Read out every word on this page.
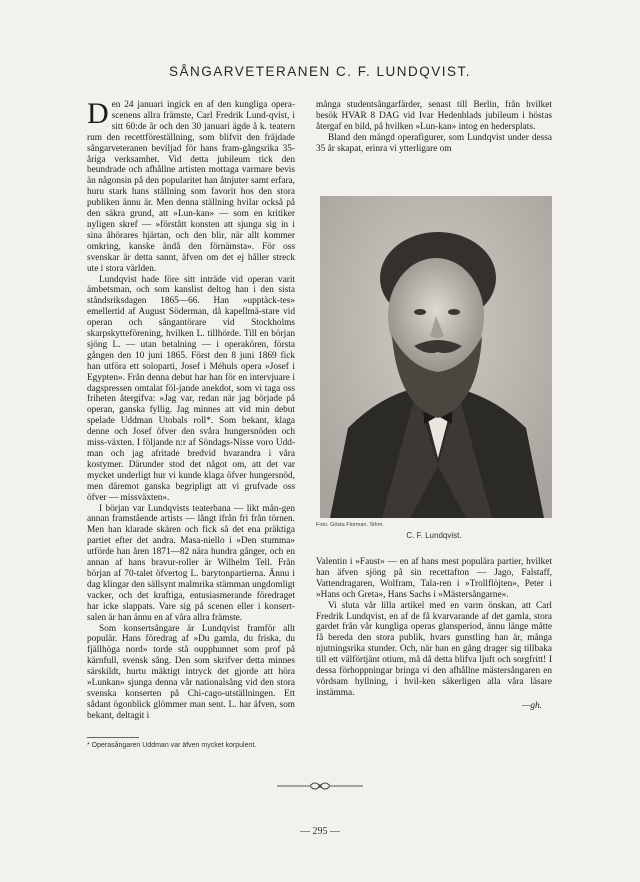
SÅNGARVETERANEN C. F. LUNDQVIST.

Den 24 januari ingick en af den kungliga opera-scenens allra främste, Carl Fredrik Lund-qvist, i sitt 60:de år och den 30 januari ägde å k. teatern rum den recettföreställning, som blifvit den fräjdade sångarveteranen beviljad för hans fram-gångsrika 35-åriga verksamhet. Vid detta jubileum tick den beundrade och afhållne artisten mottaga varmare bevis än någonsin på den popularitet han åtnjuter samt erfara, huru stark hans ställning som favorit hos den stora publiken ännu är. Men denna ställning hvilar också på den säkra grund, att »Lun-kan» — som en kritiker nyligen skref — »förstått konsten att sjunga sig in i sina åhörares hjärtan, och den blir, när allt kommer omkring, kanske ändå den förnämsta». För oss svenskar är detta sannt, äfven om det ej håller streck ute i stora världen.

Lundqvist hade före sitt inträde vid operan varit ämbetsman, och som kanslist deltog han i den sista ståndsriksdagen 1865—66. Han »upptäck-tes» emellertid af August Söderman, då kapellmä-stare vid operan och sångantörare vid Stockholms skarpskytteförening, hvilken L. tillhörde. Till en början sjöng L. — utan betalning — i operakören, första gången den 10 juni 1865. Först den 8 juni 1869 fick han utföra ett soloparti, Josef i Méhuls opera »Josef i Egypten». Från denna debut har han för en intervjuare i dagspressen omtalat föl-jande anekdot, som vi taga oss friheten återgifva: »Jag var, redan när jag började på operan, ganska fyllig. Jag minnes att vid min debut spelade Uddman Utobals roll*. Som bekant, klaga denne och Josef öfver den svåra hungersnöden och miss-växten. I följande n:r af Söndags-Nisse voro Udd-man och jag afritade bredvid hvarandra i våra kostymer. Därunder stod det något om, att det var mycket underligt hur vi kunde klaga öfver hungersnöd, men däremot ganska begripligt att vi grufvade oss öfver — missväxten».

I början var Lundqvists teaterbana — likt mån-gen annan framstående artists — långt ifrån fri från törnen. Men han klarade skären och fick så det ena präktiga partiet efter det andra. Masa-niello i »Den stumma» utförde han åren 1871—82 nära hundra gånger, och en annan af hans bravur-roller är Wilhelm Tell. Från början af 70-talet öfvertog L. barytonpartierna. Ännu i dag klingar den sällsynt malmrika stämman ungdomligt vacker, och det kraftiga, entusiasmerande föredraget har icke slappats. Vare sig på scenen eller i konsert-salen är han ännu en af våra allra främste.

Som konsertsångare är Lundqvist framför allt populär. Hans föredrag af »Du gamla, du friska, du fjällhöga nord» torde stå oupphunnet som prof på kärnfull, svensk sång. Den som skrifver detta minnes särskildt, hurtu mäktigt intryck det gjorde att höra »Lunkan» sjunga denna vår nationalsång vid den stora svenska konserten på Chi-cago-utställningen. Ett sådant ögonblick glömmer man sent. L. har äfven, som bekant, deltagit i

många studentsångarfärder, senast till Berlin, från hvilket besök HVAR 8 DAG vid Ivar Hedenblads jubileum i höstas återgaf en bild, på hvilken »Lun-kan» intog en hedersplats.

Bland den mängd operafigurer, som Lundqvist under dessa 35 år skapat, erinra vi ytterligare om

Foto. Gösta Florman. Sthm.
C. F. Lundqvist.

Valentin i »Faust» — en af hans mest populära partier, hvilket han äfven sjöng på sin recettafton — Jago, Falstaff, Vattendragaren, Wolfram, Tala-ren i »Trollflöjten», Peter i »Hans och Greta», Hans Sachs i »Mästersångarne».

Vi sluta vår lilla artikel med en varm önskan, att Carl Fredrik Lundqvist, en af de få kvarvarande af det gamla, stora gardet från vår kungliga operas glansperiod, ännu länge måtte få bereda den stora publik, hvars gunstling han är, många njutningsrika stunder. Och, när han en gång drager sig tillbaka till ett välförtjänt otium, må då detta blifva ljuft och sorgfritt! I dessa förhoppningar bringa vi den afhållne mästersångaren en vördsam hyllning, i hvil-ken säkerligen alla våra läsare instämma.

—gh.
* Operasångaren Uddman var äfven mycket korpulent.
— 295 —
